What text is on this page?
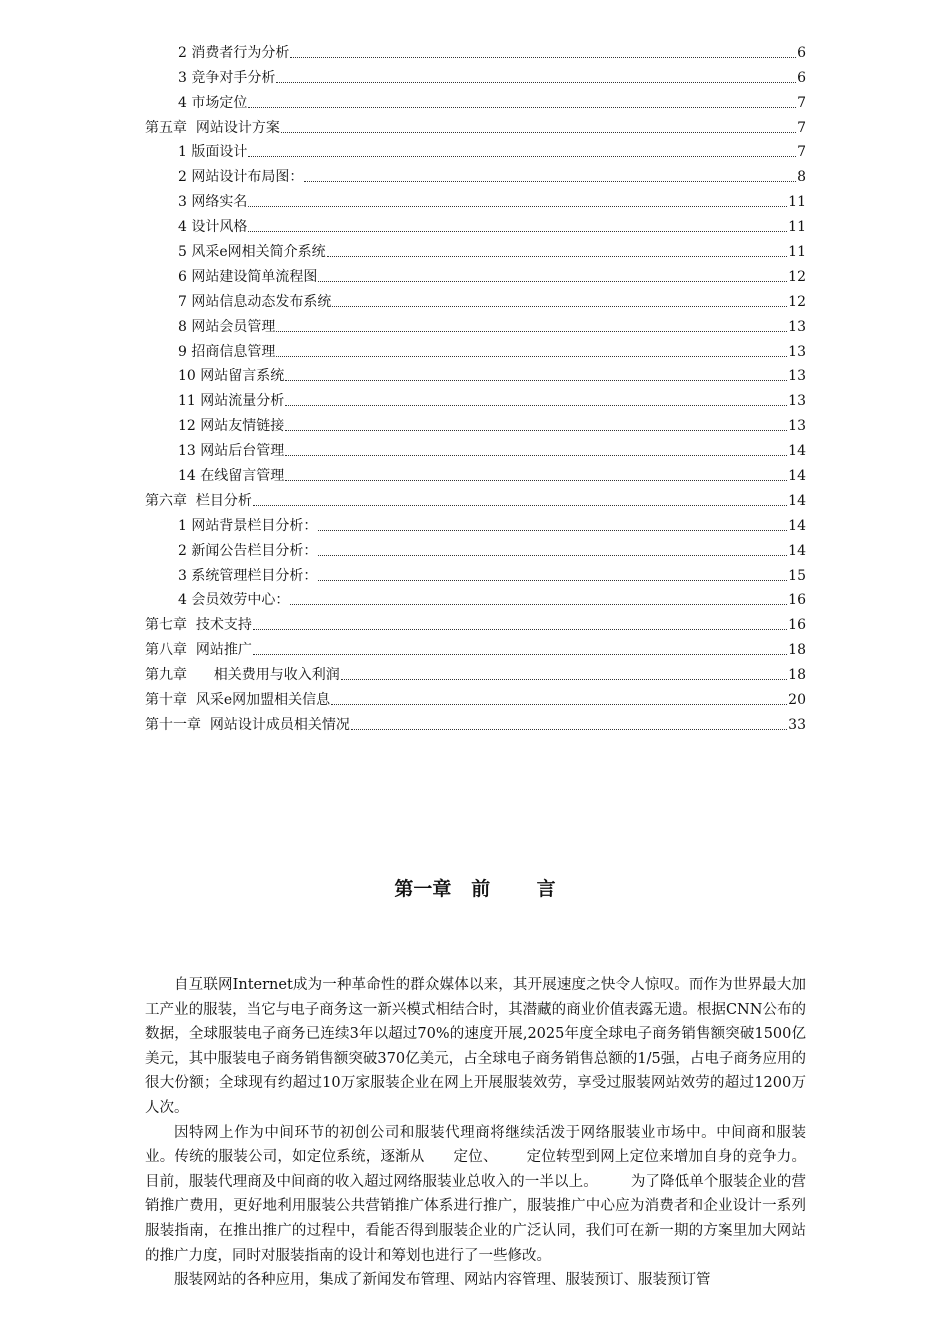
2 消费者行为分析	6
3 竞争对手分析	6
4 市场定位	7
第五章  网站设计方案	7
1 版面设计	7
2 网站设计布局图：	8
3 网络实名	11
4 设计风格	11
5 风采e网相关简介系统	11
6 网站建设简单流程图	12
7 网站信息动态发布系统	12
8 网站会员管理	13
9 招商信息管理	13
10 网站留言系统	13
11 网站流量分析	13
12 网站友情链接	13
13 网站后台管理	14
14 在线留言管理	14
第六章  栏目分析	14
1 网站背景栏目分析：	14
2 新闻公告栏目分析：	14
3 系统管理栏目分析：	15
4 会员效劳中心：	16
第七章  技术支持	16
第八章  网站推广	18
第九章      相关费用与收入利润	18
第十章  风采e网加盟相关信息	20
第十一章  网站设计成员相关情况	33
第一章   前       言

自互联网Internet成为一种革命性的群众媒体以来，其开展速度之快令人惊叹。而作为世界最大加工产业的服装，当它与电子商务这一新兴模式相结合时，其潜藏的商业价值表露无遗。根据CNN公布的数据，全球服装电子商务已连续3年以超过70%的速度开展,2025年度全球电子商务销售额突破1500亿美元，其中服装电子商务销售额突破370亿美元，占全球电子商务销售总额的1/5强，占电子商务应用的很大份额；全球现有约超过10万家服装企业在网上开展服装效劳，享受过服装网站效劳的超过1200万人次。

因特网上作为中间环节的初创公司和服装代理商将继续活泼于网络服装业市场中。中间商和服装业。传统的服装公司，如定位系统，逐渐从      定位、      定位转型到网上定位来增加自身的竞争力。目前，服装代理商及中间商的收入超过网络服装业总收入的一半以上。       为了降低单个服装企业的营销推广费用，更好地利用服装公共营销推广体系进行推广，服装推广中心应为消费者和企业设计一系列服装指南，在推出推广的过程中，看能否得到服装企业的广泛认同，我们可在新一期的方案里加大网站的推广力度，同时对服装指南的设计和筹划也进行了一些修改。

服装网站的各种应用，集成了新闻发布管理、网站内容管理、服装预订、服装预订管
